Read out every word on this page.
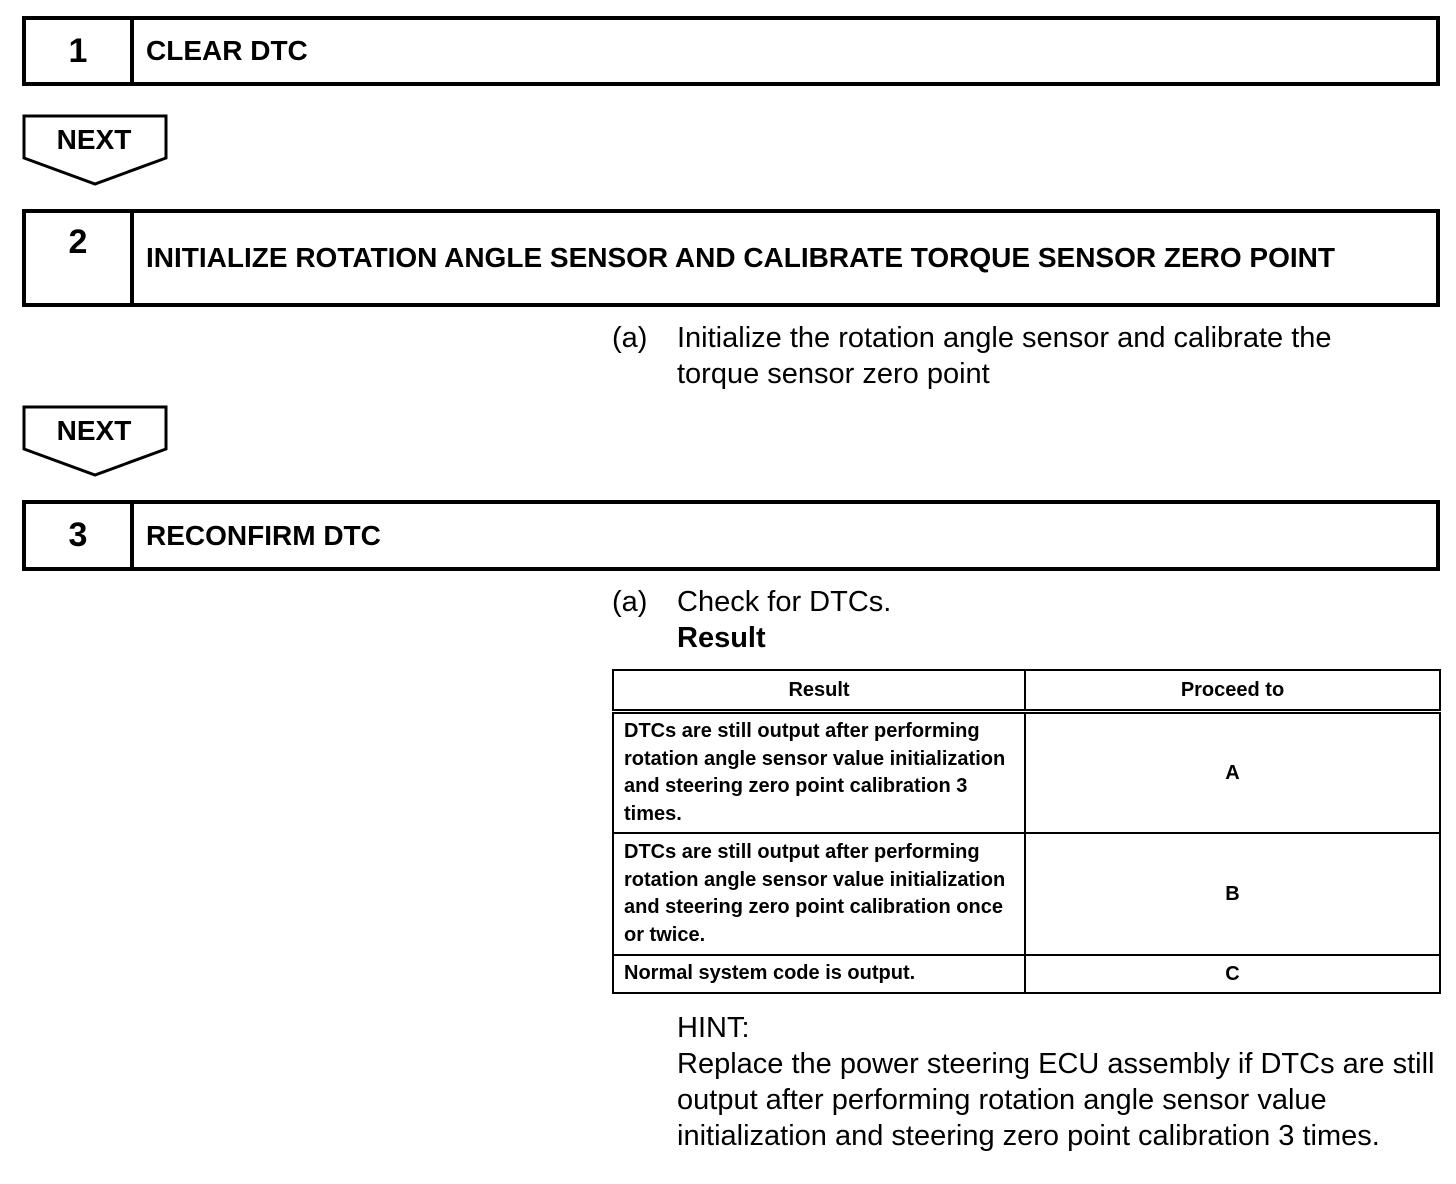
1	CLEAR DTC
NEXT
2	INITIALIZE ROTATION ANGLE SENSOR AND CALIBRATE TORQUE SENSOR ZERO POINT
(a) Initialize the rotation angle sensor and calibrate the torque sensor zero point
NEXT
3	RECONFIRM DTC
(a) Check for DTCs.
Result
Result	Proceed to
DTCs are still output after performing rotation angle sensor value initialization and steering zero point calibration 3 times.	A
DTCs are still output after performing rotation angle sensor value initialization and steering zero point calibration once or twice.	B
Normal system code is output.	C
HINT:
Replace the power steering ECU assembly if DTCs are still output after performing rotation angle sensor value initialization and steering zero point calibration 3 times.
